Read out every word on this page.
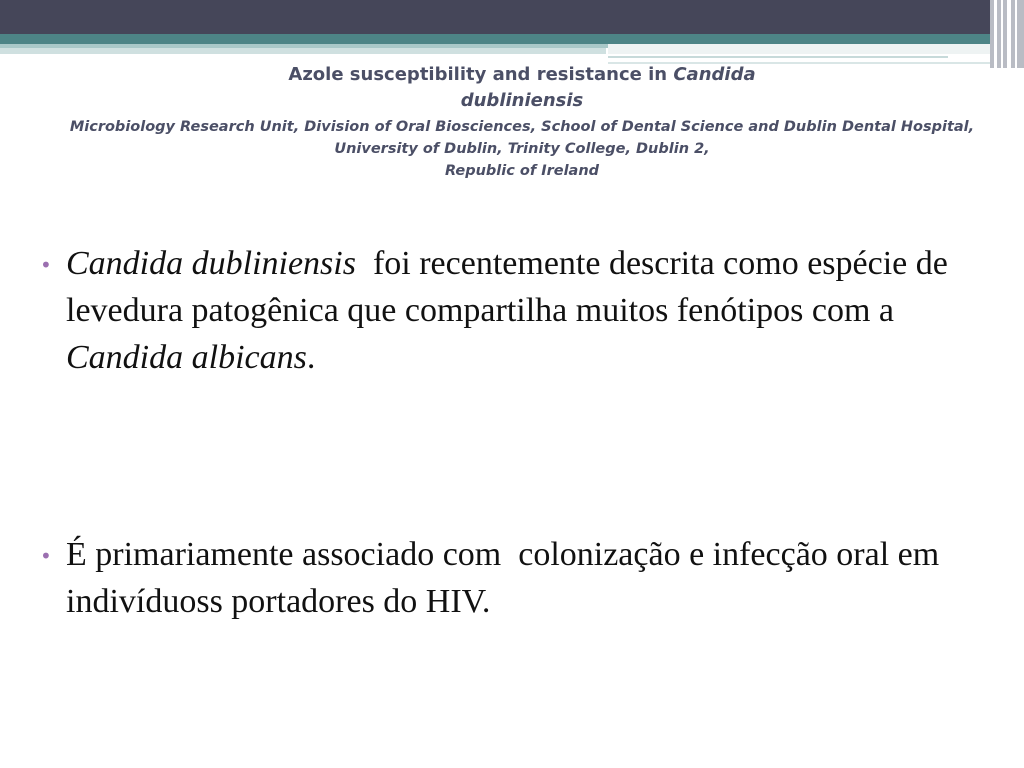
Azole susceptibility and resistance in Candida
dubliniensis
Microbiology Research Unit, Division of Oral Biosciences, School of Dental Science and Dublin Dental Hospital,
University of Dublin, Trinity College, Dublin 2,
Republic of Ireland
• Candida dubliniensis  foi recentemente descrita como espécie de levedura patogênica que compartilha muitos fenótipos com a  Candida albicans.
• É primariamente associado com  colonização e infecção oral em  indivíduoss portadores do HIV.
